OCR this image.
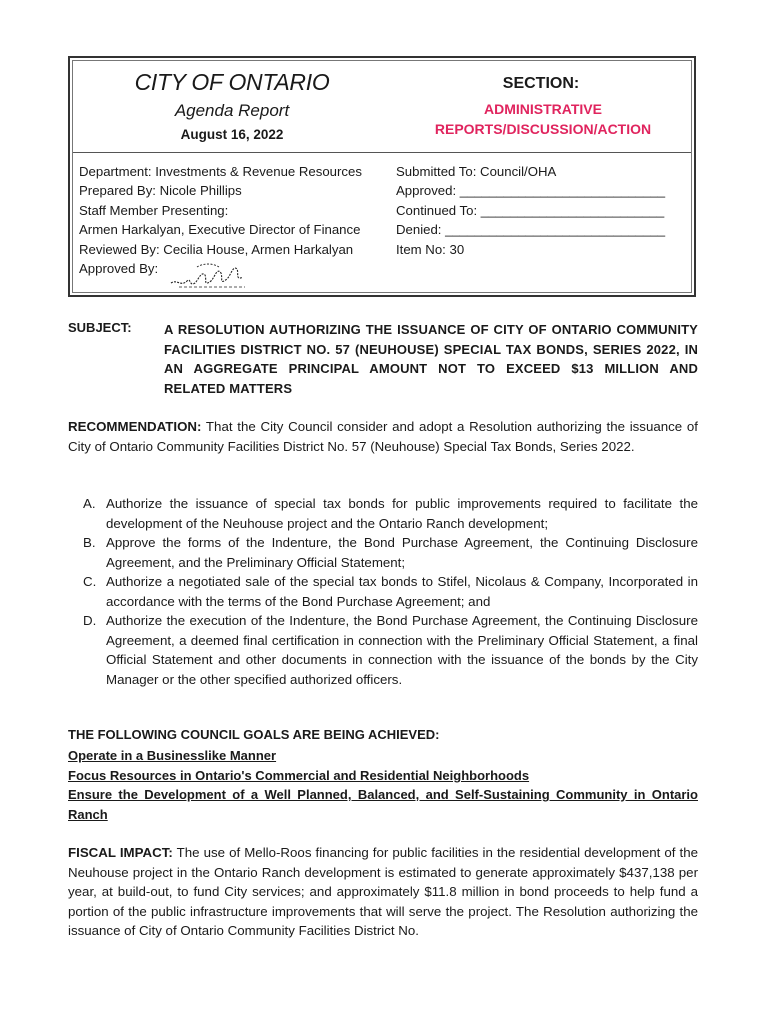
CITY OF ONTARIO
Agenda Report
August 16, 2022
SECTION:
ADMINISTRATIVE REPORTS/DISCUSSION/ACTION
Department: Investments & Revenue Resources
Prepared By: Nicole Phillips
Staff Member Presenting:
Armen Harkalyan, Executive Director of Finance
Reviewed By: Cecilia House, Armen Harkalyan
Approved By:
Submitted To: Council/OHA
Approved: ____________________________
Continued To: _________________________
Denied: ______________________________
Item No: 30
SUBJECT: A RESOLUTION AUTHORIZING THE ISSUANCE OF CITY OF ONTARIO COMMUNITY FACILITIES DISTRICT NO. 57 (NEUHOUSE) SPECIAL TAX BONDS, SERIES 2022, IN AN AGGREGATE PRINCIPAL AMOUNT NOT TO EXCEED $13 MILLION AND RELATED MATTERS
RECOMMENDATION: That the City Council consider and adopt a Resolution authorizing the issuance of City of Ontario Community Facilities District No. 57 (Neuhouse) Special Tax Bonds, Series 2022.
A. Authorize the issuance of special tax bonds for public improvements required to facilitate the development of the Neuhouse project and the Ontario Ranch development;
B. Approve the forms of the Indenture, the Bond Purchase Agreement, the Continuing Disclosure Agreement, and the Preliminary Official Statement;
C. Authorize a negotiated sale of the special tax bonds to Stifel, Nicolaus & Company, Incorporated in accordance with the terms of the Bond Purchase Agreement; and
D. Authorize the execution of the Indenture, the Bond Purchase Agreement, the Continuing Disclosure Agreement, a deemed final certification in connection with the Preliminary Official Statement, a final Official Statement and other documents in connection with the issuance of the bonds by the City Manager or the other specified authorized officers.
THE FOLLOWING COUNCIL GOALS ARE BEING ACHIEVED:
Operate in a Businesslike Manner
Focus Resources in Ontario's Commercial and Residential Neighborhoods
Ensure the Development of a Well Planned, Balanced, and Self-Sustaining Community in Ontario Ranch
FISCAL IMPACT: The use of Mello-Roos financing for public facilities in the residential development of the Neuhouse project in the Ontario Ranch development is estimated to generate approximately $437,138 per year, at build-out, to fund City services; and approximately $11.8 million in bond proceeds to help fund a portion of the public infrastructure improvements that will serve the project. The Resolution authorizing the issuance of City of Ontario Community Facilities District No.
